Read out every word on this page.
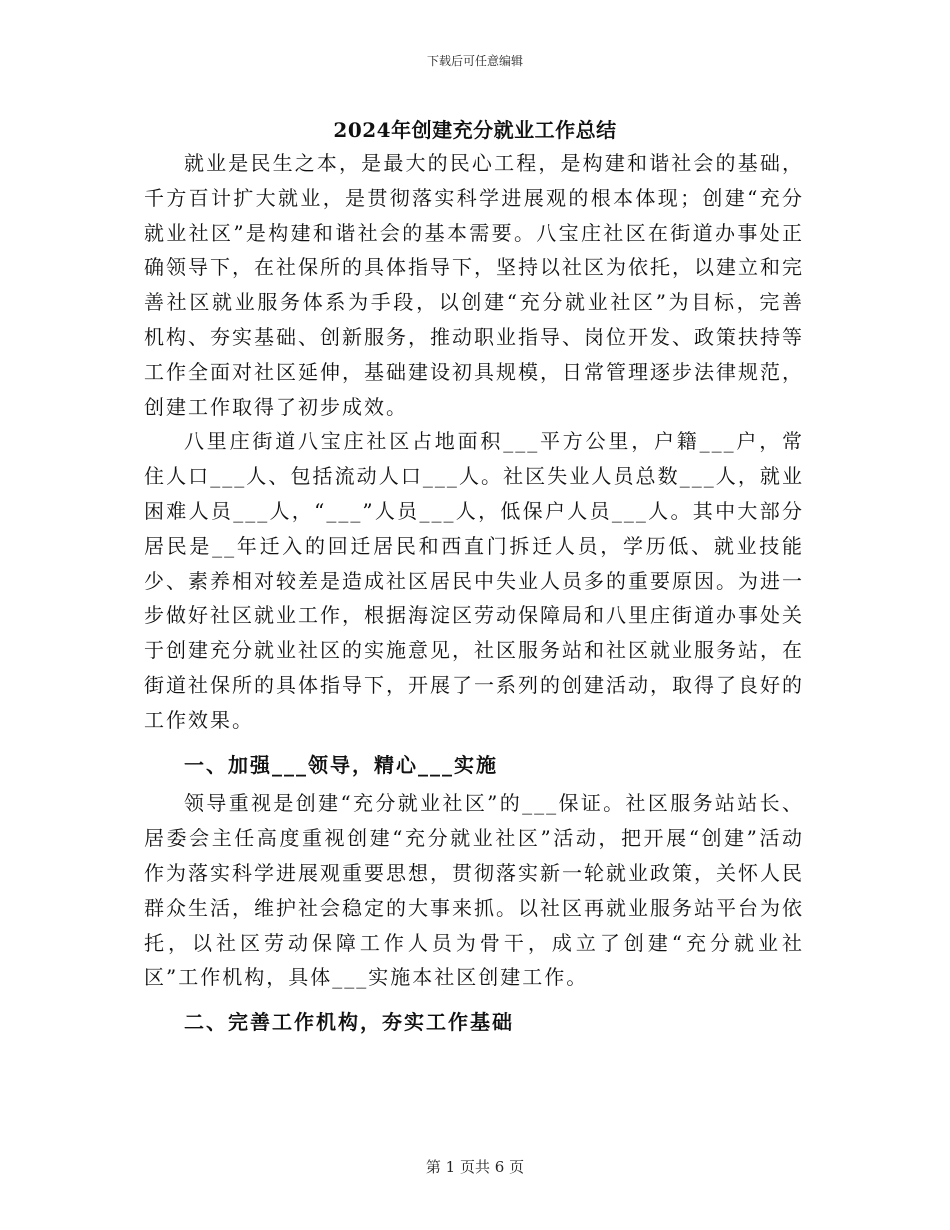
下载后可任意编辑
2024年创建充分就业工作总结

就业是民生之本，是最大的民心工程，是构建和谐社会的基础，千方百计扩大就业，是贯彻落实科学进展观的根本体现；创建“充分就业社区”是构建和谐社会的基本需要。八宝庄社区在街道办事处正确领导下，在社保所的具体指导下，坚持以社区为依托，以建立和完善社区就业服务体系为手段，以创建“充分就业社区”为目标，完善机构、夯实基础、创新服务，推动职业指导、岗位开发、政策扶持等工作全面对社区延伸，基础建设初具规模，日常管理逐步法律规范，创建工作取得了初步成效。

八里庄街道八宝庄社区占地面积___平方公里，户籍___户，常住人口___人、包括流动人口___人。社区失业人员总数___人，就业困难人员___人，“___”人员___人，低保户人员___人。其中大部分居民是__年迁入的回迁居民和西直门拆迁人员，学历低、就业技能少、素养相对较差是造成社区居民中失业人员多的重要原因。为进一步做好社区就业工作，根据海淀区劳动保障局和八里庄街道办事处关于创建充分就业社区的实施意见，社区服务站和社区就业服务站，在街道社保所的具体指导下，开展了一系列的创建活动，取得了良好的工作效果。

一、加强___领导，精心___实施

领导重视是创建“充分就业社区”的___保证。社区服务站站长、居委会主任高度重视创建“充分就业社区”活动，把开展“创建”活动作为落实科学进展观重要思想，贯彻落实新一轮就业政策，关怀人民群众生活，维护社会稳定的大事来抓。以社区再就业服务站平台为依托，以社区劳动保障工作人员为骨干，成立了创建“充分就业社区”工作机构，具体___实施本社区创建工作。

二、完善工作机构，夯实工作基础
第 1 页共 6 页
